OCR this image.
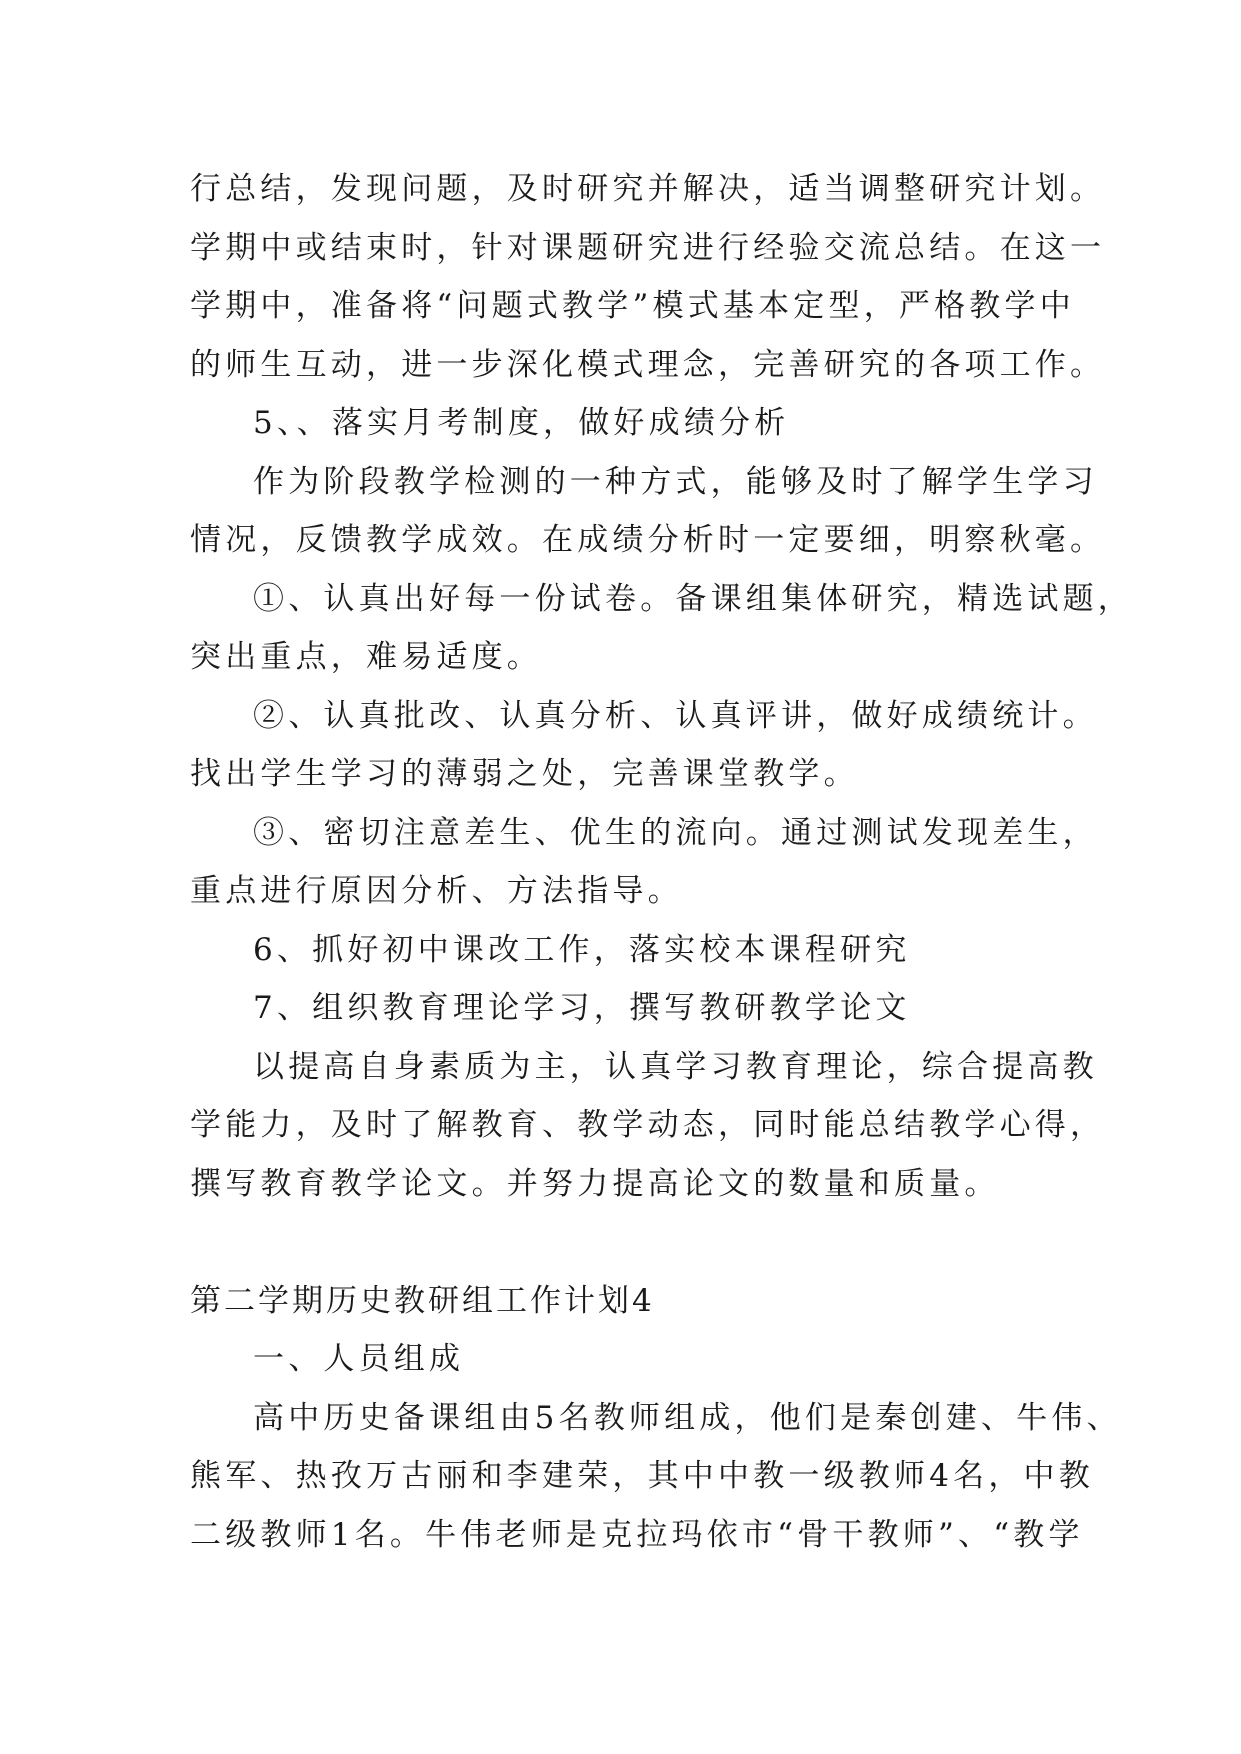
行总结，发现问题，及时研究并解决，适当调整研究计划。
学期中或结束时，针对课题研究进行经验交流总结。在这一
学期中，准备将“问题式教学”模式基本定型，严格教学中
的师生互动，进一步深化模式理念，完善研究的各项工作。
5、、落实月考制度，做好成绩分析
作为阶段教学检测的一种方式，能够及时了解学生学习
情况，反馈教学成效。在成绩分析时一定要细，明察秋毫。
①、认真出好每一份试卷。备课组集体研究，精选试题，
突出重点，难易适度。
②、认真批改、认真分析、认真评讲，做好成绩统计。
找出学生学习的薄弱之处，完善课堂教学。
③、密切注意差生、优生的流向。通过测试发现差生，
重点进行原因分析、方法指导。
6、抓好初中课改工作，落实校本课程研究
7、组织教育理论学习，撰写教研教学论文
以提高自身素质为主，认真学习教育理论，综合提高教
学能力，及时了解教育、教学动态，同时能总结教学心得，
撰写教育教学论文。并努力提高论文的数量和质量。
第二学期历史教研组工作计划4
一、人员组成
高中历史备课组由5名教师组成，他们是秦创建、牛伟、
熊军、热孜万古丽和李建荣，其中中教一级教师4名，中教
二级教师1名。牛伟老师是克拉玛依市“骨干教师”、“教学
